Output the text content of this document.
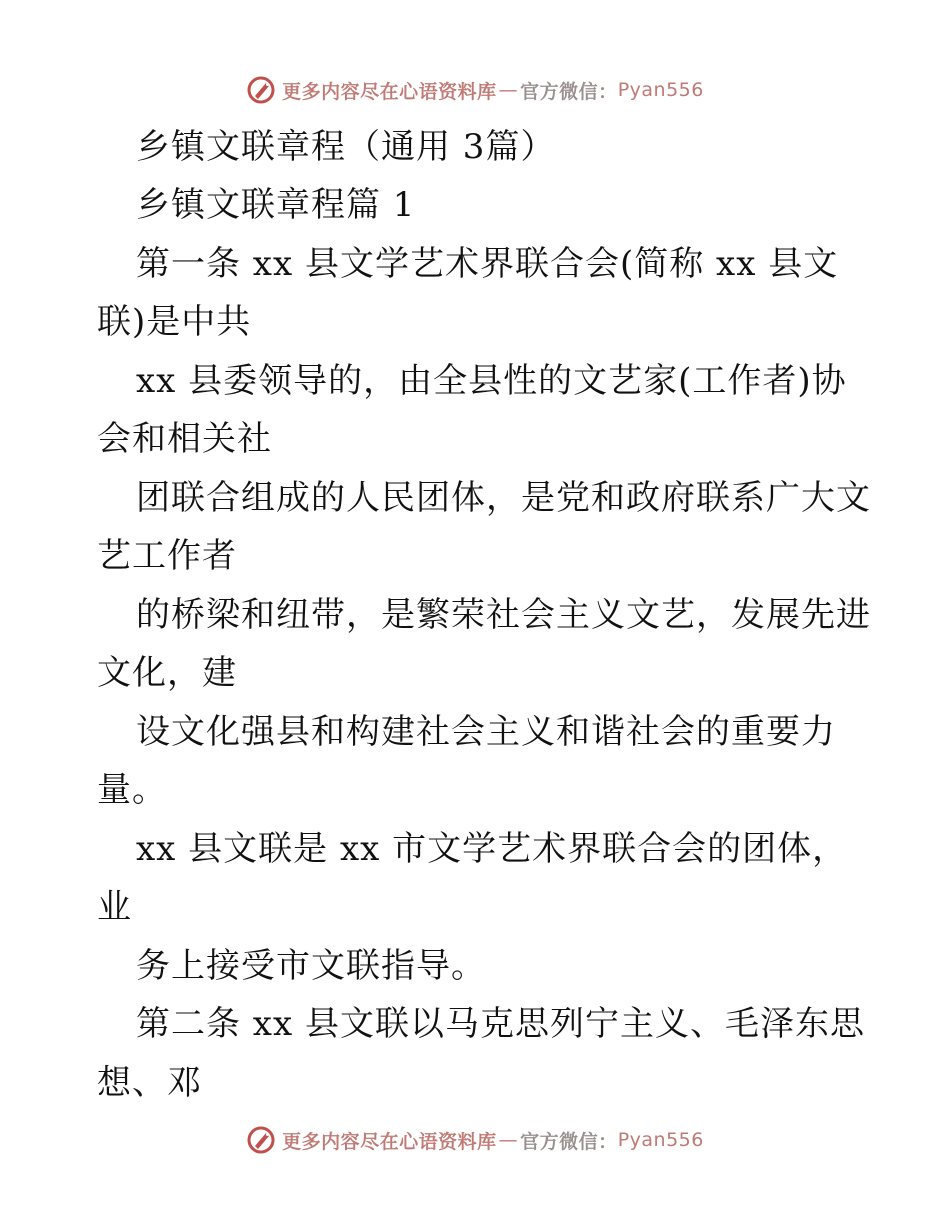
更多内容尽在心语资料库 — 官方微信： Pyan556
乡镇文联章程（通用 3篇）
乡镇文联章程篇 1
第一条 xx 县文学艺术界联合会(简称 xx 县文
联)是中共
xx 县委领导的，由全县性的文艺家(工作者)协
会和相关社
团联合组成的人民团体，是党和政府联系广大文
艺工作者
的桥梁和纽带，是繁荣社会主义文艺，发展先进
文化，建
设文化强县和构建社会主义和谐社会的重要力
量。
xx 县文联是 xx 市文学艺术界联合会的团体，
业
务上接受市文联指导。
第二条 xx 县文联以马克思列宁主义、毛泽东思
想、邓
更多内容尽在心语资料库 — 官方微信： Pyan556
